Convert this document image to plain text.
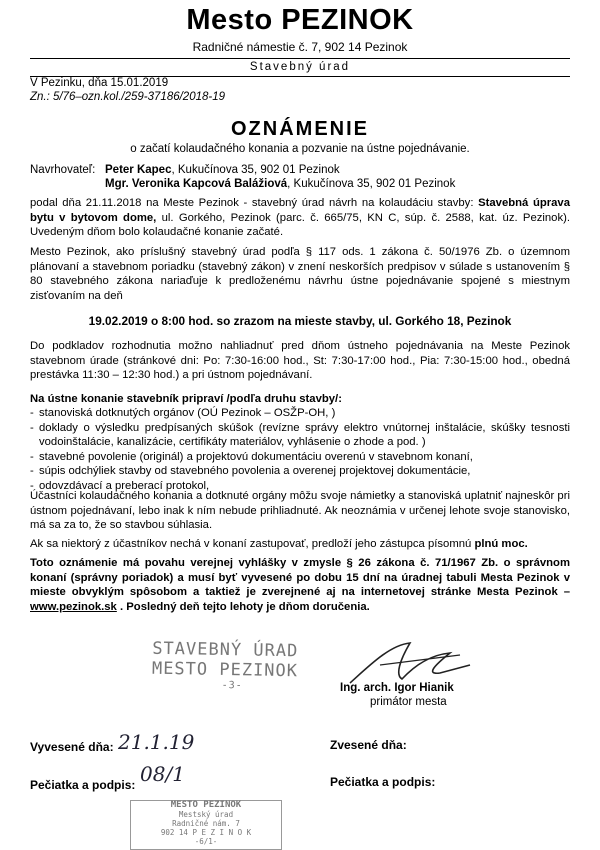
Mesto PEZINOK
Radničné námestie č. 7, 902 14 Pezinok
Stavebný úrad
V Pezinku, dňa 15.01.2019
Zn.: 5/76–ozn.kol./259-37186/2018-19
OZNÁMENIE
o začatí kolaudačného konania a pozvanie na ústne pojednávanie.
Navrhovateľ: Peter Kapec, Kukučínova 35, 902 01 Pezinok
Mgr. Veronika Kapcová Balážiová, Kukučínova 35, 902 01 Pezinok
podal dňa 21.11.2018 na Meste Pezinok - stavebný úrad návrh na kolaudáciu stavby: Stavebná úprava bytu v bytovom dome, ul. Gorkého, Pezinok (parc. č. 665/75, KN C, súp. č. 2588, kat. úz. Pezinok). Uvedeným dňom bolo kolaudačné konanie začaté.
Mesto Pezinok, ako príslušný stavebný úrad podľa § 117 ods. 1 zákona č. 50/1976 Zb. o územnom plánovaní a stavebnom poriadku (stavebný zákon) v znení neskorších predpisov v súlade s ustanovením § 80 stavebného zákona nariaďuje k predloženému návrhu ústne pojednávanie spojené s miestnym zisťovaním na deň
19.02.2019 o 8:00 hod. so zrazom na mieste stavby, ul. Gorkého 18, Pezinok
Do podkladov rozhodnutia možno nahliadnuť pred dňom ústneho pojednávania na Meste Pezinok stavebnom úrade (stránkové dni: Po: 7:30-16:00 hod., St: 7:30-17:00 hod., Pia: 7:30-15:00 hod., obedná prestávka 11:30 – 12:30 hod.) a pri ústnom pojednávaní.
Na ústne konanie stavebník pripraví /podľa druhu stavby/:
- stanoviská dotknutých orgánov (OÚ Pezinok – OSŽP-OH, )
- doklady o výsledku predpísaných skúšok (revízne správy elektro vnútornej inštalácie, skúšky tesnosti vodoinštalácie, kanalizácie, certifikáty materiálov, vyhlásenie o zhode a pod. )
- stavebné povolenie (originál) a projektovú dokumentáciu overenú v stavebnom konaní,
- súpis odchýliek stavby od stavebného povolenia a overenej projektovej dokumentácie,
- odovzdávací a preberací protokol,
Účastníci kolaudačného konania a dotknuté orgány môžu svoje námietky a stanoviská uplatniť najneskôr pri ústnom pojednávaní, lebo inak k ním nebude prihliadnuté. Ak neoznámia v určenej lehote svoje stanovisko, má sa za to, že so stavbou súhlasia.
Ak sa niektorý z účastníkov nechá v konaní zastupovať, predloží jeho zástupca písomnú plnú moc.
Toto oznámenie má povahu verejnej vyhlášky v zmysle § 26 zákona č. 71/1967 Zb. o správnom konaní (správny poriadok) a musí byť vyvesené po dobu 15 dní na úradnej tabuli Mesta Pezinok v mieste obvyklým spôsobom a taktiež je zverejnené aj na internetovej stránke Mesta Pezinok – www.pezinok.sk . Posledný deň tejto lehoty je dňom doručenia.
STAVEBNÝ ÚRAD
MESTO PEZINOK
-3-	Ing. arch. Igor Hianik
primátor mesta
Vyvesené dňa: 21.1.19	Zvesené dňa:
Pečiatka a podpis: 08/1	Pečiatka a podpis:
MESTO PEZINOK
Mestský úrad
Radničné nám. 7
902 14 P E Z I N O K
-6/1-
